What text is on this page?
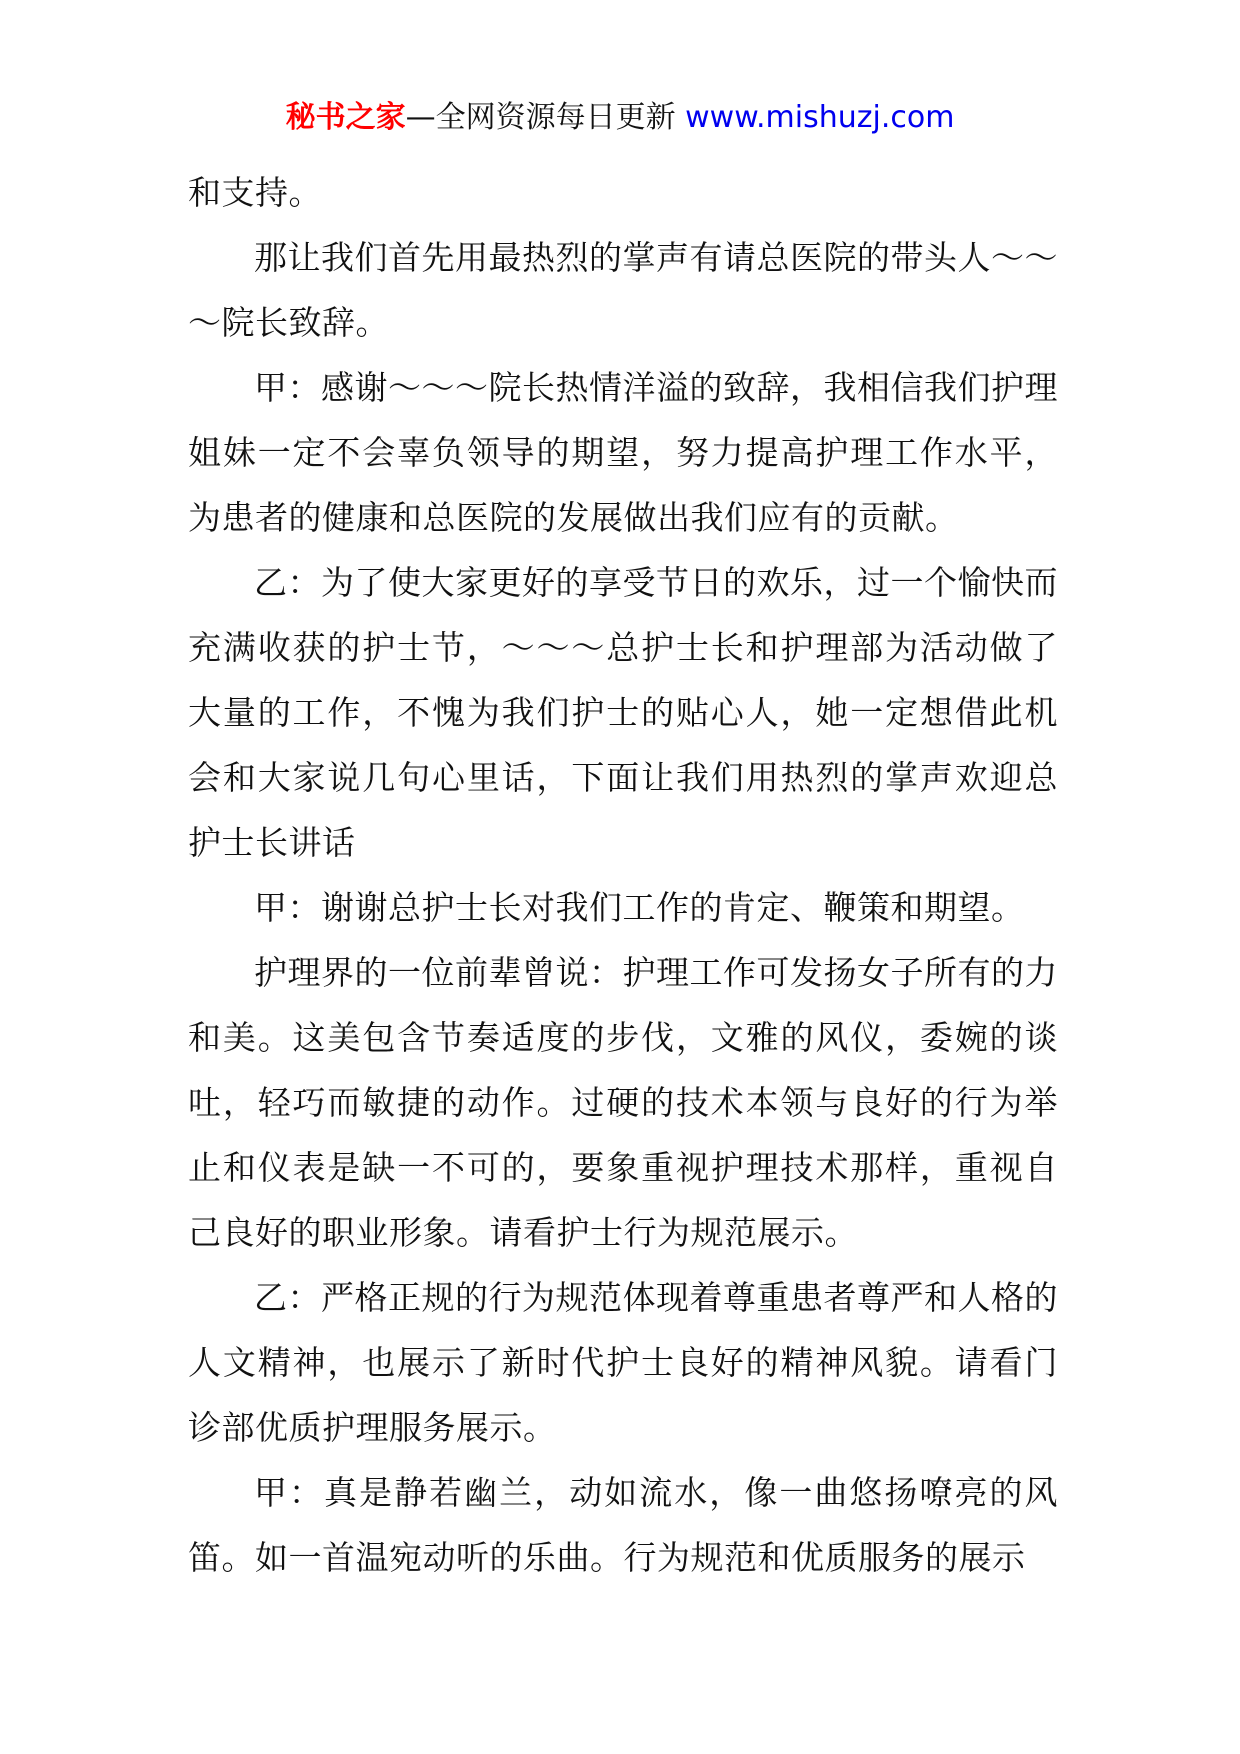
秘书之家—全网资源每日更新 www.mishuzj.com

和支持。

那让我们首先用最热烈的掌声有请总医院的带头人～～～院长致辞。

甲：感谢～～～院长热情洋溢的致辞，我相信我们护理姐妹一定不会辜负领导的期望，努力提高护理工作水平，为患者的健康和总医院的发展做出我们应有的贡献。

乙：为了使大家更好的享受节日的欢乐，过一个愉快而充满收获的护士节，～～～总护士长和护理部为活动做了大量的工作，不愧为我们护士的贴心人，她一定想借此机会和大家说几句心里话，下面让我们用热烈的掌声欢迎总护士长讲话

甲：谢谢总护士长对我们工作的肯定、鞭策和期望。

护理界的一位前辈曾说：护理工作可发扬女子所有的力和美。这美包含节奏适度的步伐，文雅的风仪，委婉的谈吐，轻巧而敏捷的动作。过硬的技术本领与良好的行为举止和仪表是缺一不可的，要象重视护理技术那样，重视自己良好的职业形象。请看护士行为规范展示。

乙：严格正规的行为规范体现着尊重患者尊严和人格的人文精神，也展示了新时代护士良好的精神风貌。请看门诊部优质护理服务展示。

甲：真是静若幽兰，动如流水，像一曲悠扬嘹亮的风笛。如一首温宛动听的乐曲。行为规范和优质服务的展示
